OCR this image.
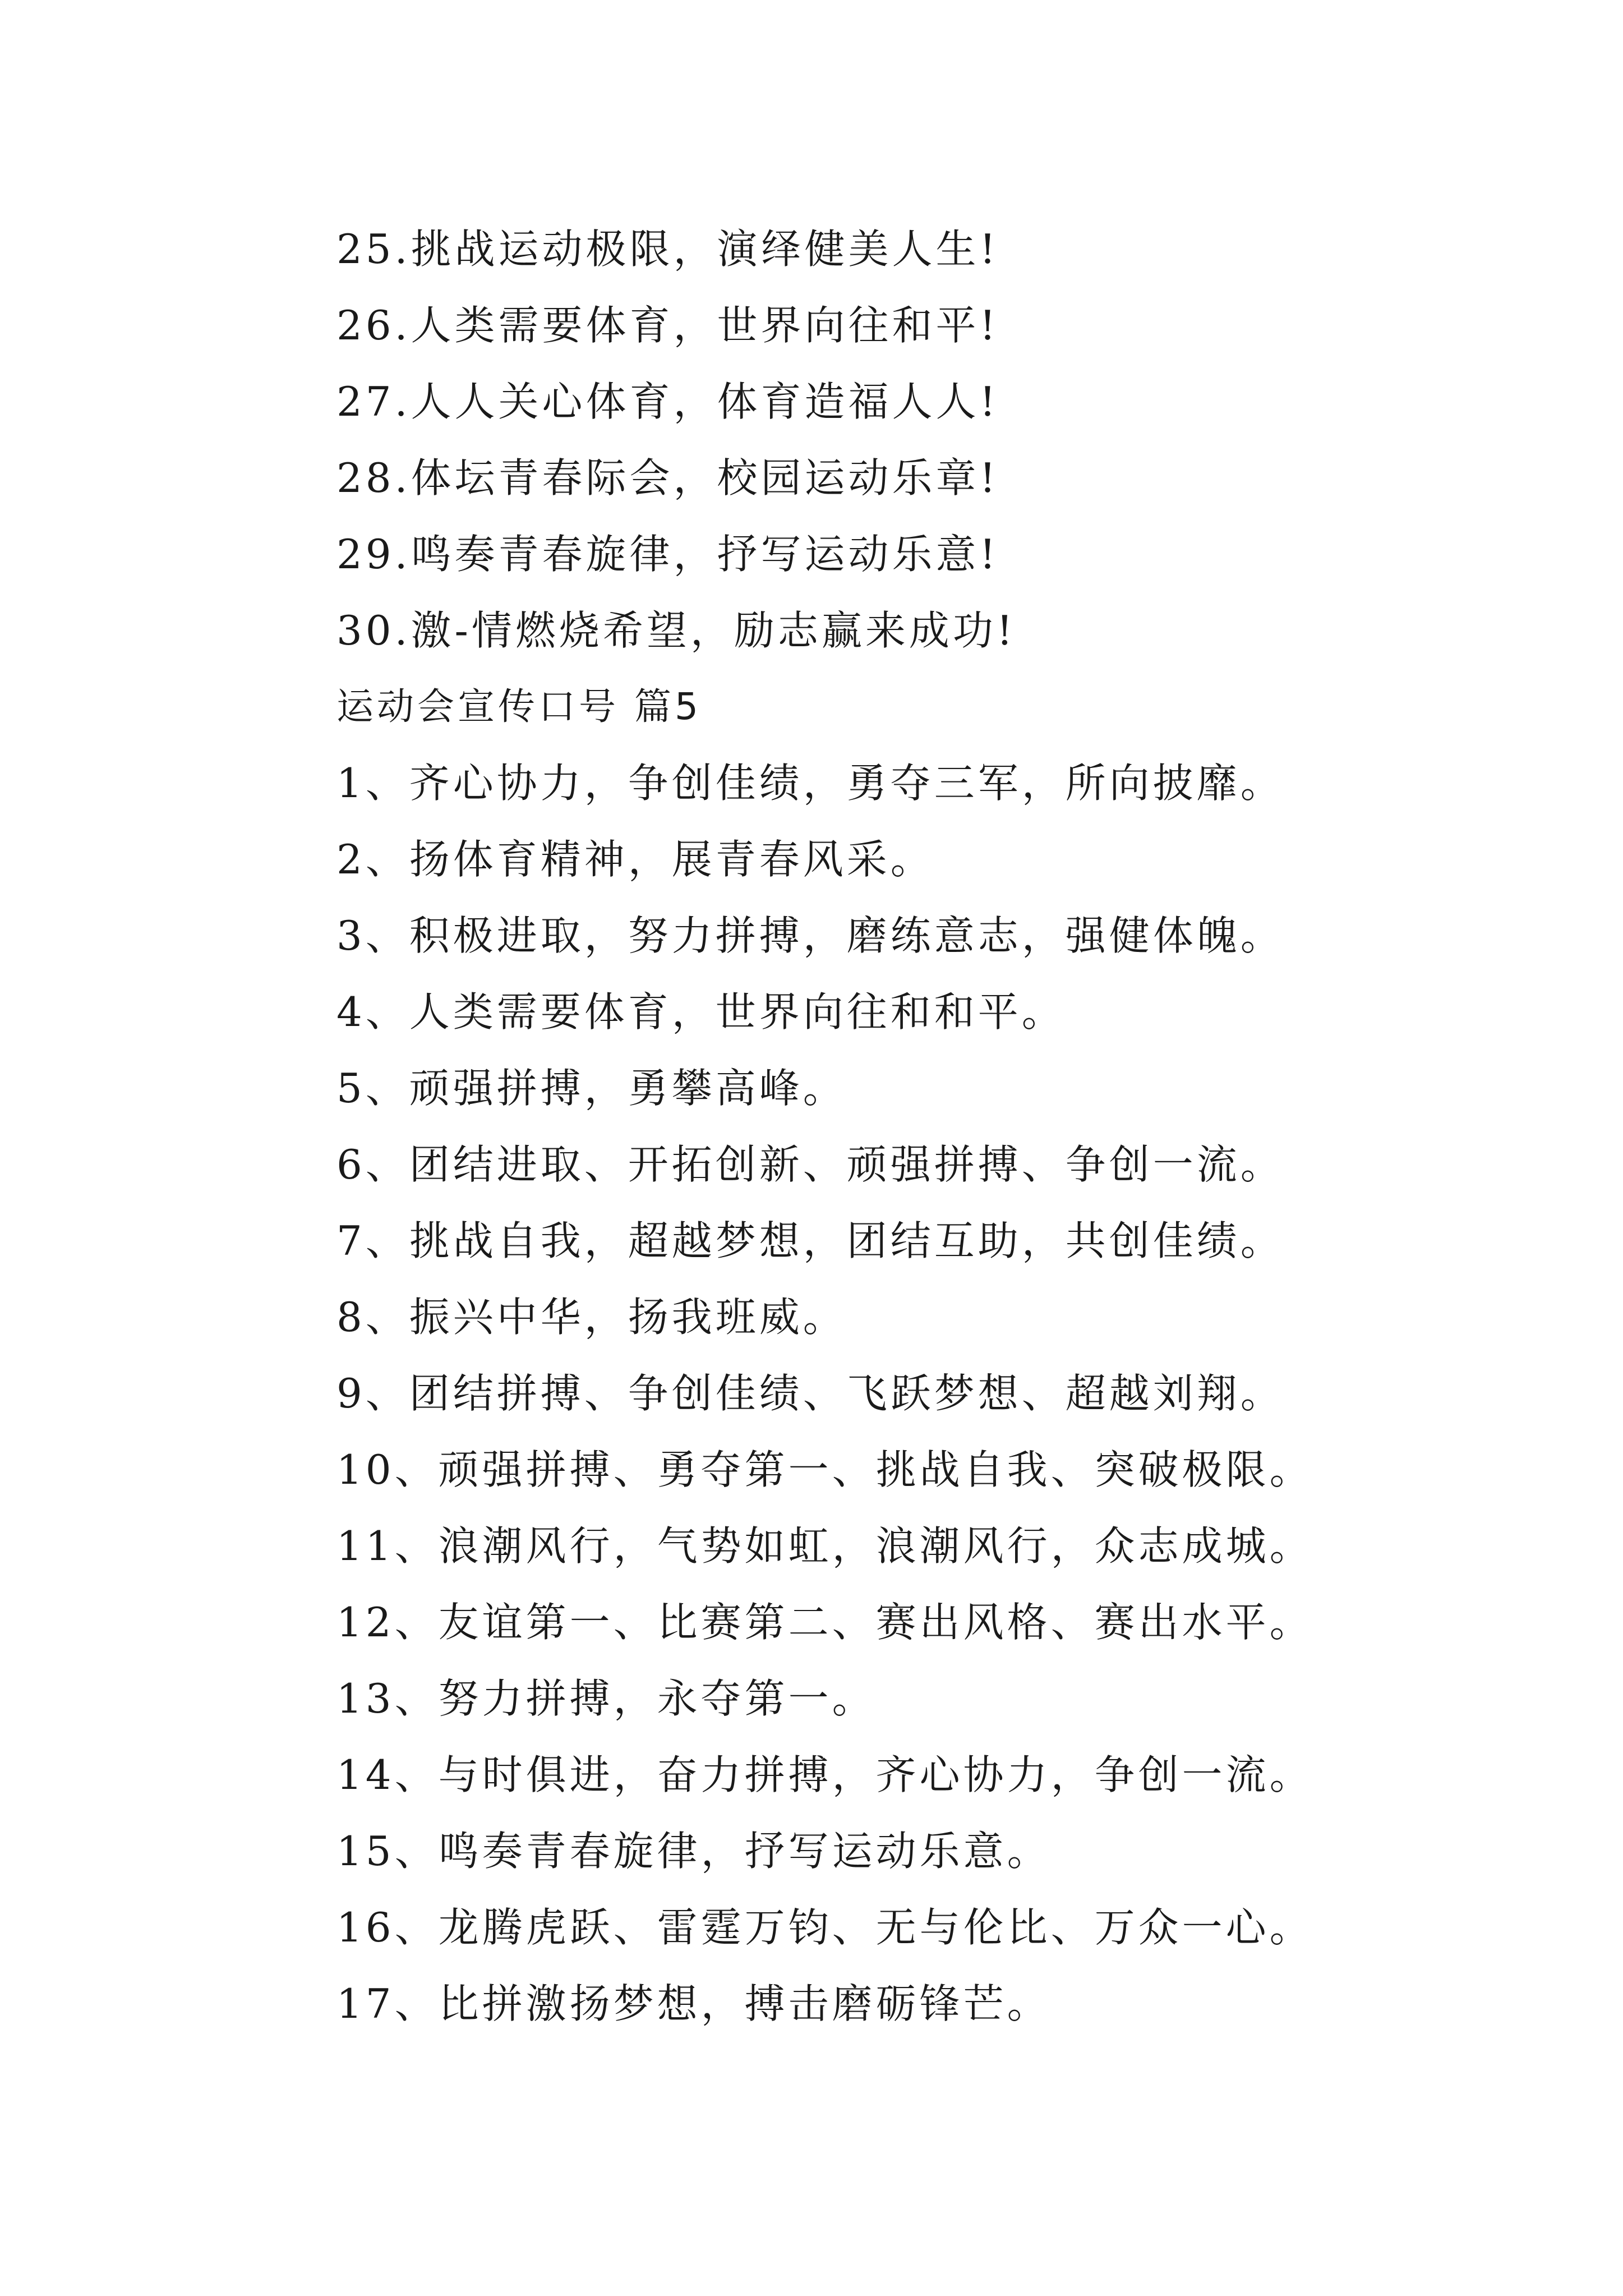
25.挑战运动极限，演绎健美人生!
26.人类需要体育，世界向往和平!
27.人人关心体育，体育造福人人!
28.体坛青春际会，校园运动乐章!
29.鸣奏青春旋律，抒写运动乐意!
30.激-情燃烧希望，励志赢来成功!
运动会宣传口号 篇5
1、齐心协力，争创佳绩，勇夺三军，所向披靡。
2、扬体育精神，展青春风采。
3、积极进取，努力拼搏，磨练意志，强健体魄。
4、人类需要体育，世界向往和和平。
5、顽强拼搏，勇攀高峰。
6、团结进取、开拓创新、顽强拼搏、争创一流。
7、挑战自我，超越梦想，团结互助，共创佳绩。
8、振兴中华，扬我班威。
9、团结拼搏、争创佳绩、飞跃梦想、超越刘翔。
10、顽强拼搏、勇夺第一、挑战自我、突破极限。
11、浪潮风行，气势如虹，浪潮风行，众志成城。
12、友谊第一、比赛第二、赛出风格、赛出水平。
13、努力拼搏，永夺第一。
14、与时俱进，奋力拼搏，齐心协力，争创一流。
15、鸣奏青春旋律，抒写运动乐意。
16、龙腾虎跃、雷霆万钧、无与伦比、万众一心。
17、比拼激扬梦想，搏击磨砺锋芒。
